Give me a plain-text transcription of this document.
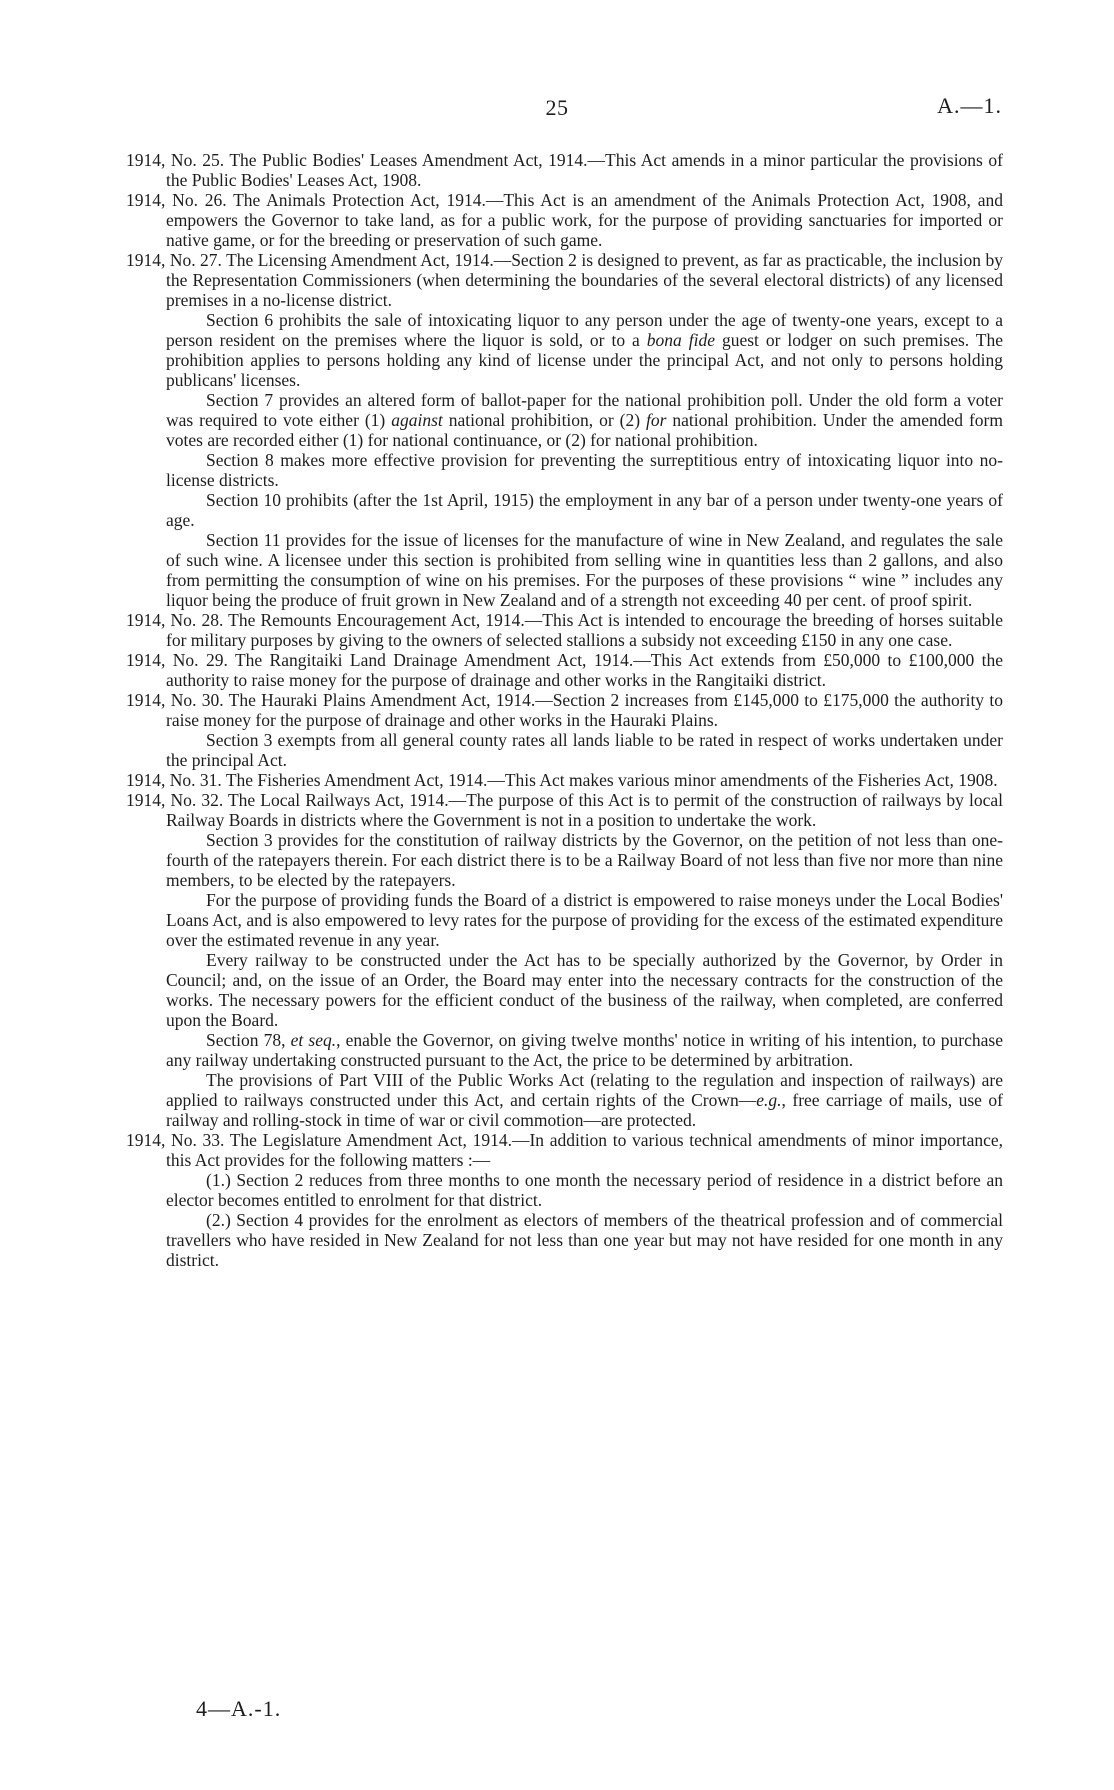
25	A.—1.

1914, No. 25. The Public Bodies' Leases Amendment Act, 1914.—This Act amends in a minor particular the provisions of the Public Bodies' Leases Act, 1908.

1914, No. 26. The Animals Protection Act, 1914.—This Act is an amendment of the Animals Protection Act, 1908, and empowers the Governor to take land, as for a public work, for the purpose of providing sanctuaries for imported or native game, or for the breeding or preservation of such game.

1914, No. 27. The Licensing Amendment Act, 1914.—Section 2 is designed to prevent, as far as practicable, the inclusion by the Representation Commissioners (when determining the boundaries of the several electoral districts) of any licensed premises in a no-license district.

Section 6 prohibits the sale of intoxicating liquor to any person under the age of twenty-one years, except to a person resident on the premises where the liquor is sold, or to a bona fide guest or lodger on such premises. The prohibition applies to persons holding any kind of license under the principal Act, and not only to persons holding publicans' licenses.

Section 7 provides an altered form of ballot-paper for the national prohibition poll. Under the old form a voter was required to vote either (1) against national prohibition, or (2) for national prohibition. Under the amended form votes are recorded either (1) for national continuance, or (2) for national prohibition.

Section 8 makes more effective provision for preventing the surreptitious entry of intoxicating liquor into no-license districts.

Section 10 prohibits (after the 1st April, 1915) the employment in any bar of a person under twenty-one years of age.

Section 11 provides for the issue of licenses for the manufacture of wine in New Zealand, and regulates the sale of such wine. A licensee under this section is prohibited from selling wine in quantities less than 2 gallons, and also from permitting the consumption of wine on his premises. For the purposes of these provisions “ wine ” includes any liquor being the produce of fruit grown in New Zealand and of a strength not exceeding 40 per cent. of proof spirit.

1914, No. 28. The Remounts Encouragement Act, 1914.—This Act is intended to encourage the breeding of horses suitable for military purposes by giving to the owners of selected stallions a subsidy not exceeding £150 in any one case.

1914, No. 29. The Rangitaiki Land Drainage Amendment Act, 1914.—This Act extends from £50,000 to £100,000 the authority to raise money for the purpose of drainage and other works in the Rangitaiki district.

1914, No. 30. The Hauraki Plains Amendment Act, 1914.—Section 2 increases from £145,000 to £175,000 the authority to raise money for the purpose of drainage and other works in the Hauraki Plains.

Section 3 exempts from all general county rates all lands liable to be rated in respect of works undertaken under the principal Act.

1914, No. 31. The Fisheries Amendment Act, 1914.—This Act makes various minor amendments of the Fisheries Act, 1908.

1914, No. 32. The Local Railways Act, 1914.—The purpose of this Act is to permit of the construction of railways by local Railway Boards in districts where the Government is not in a position to undertake the work.

Section 3 provides for the constitution of railway districts by the Governor, on the petition of not less than one-fourth of the ratepayers therein. For each district there is to be a Railway Board of not less than five nor more than nine members, to be elected by the ratepayers.

For the purpose of providing funds the Board of a district is empowered to raise moneys under the Local Bodies' Loans Act, and is also empowered to levy rates for the purpose of providing for the excess of the estimated expenditure over the estimated revenue in any year.

Every railway to be constructed under the Act has to be specially authorized by the Governor, by Order in Council; and, on the issue of an Order, the Board may enter into the necessary contracts for the construction of the works. The necessary powers for the efficient conduct of the business of the railway, when completed, are conferred upon the Board.

Section 78, et seq., enable the Governor, on giving twelve months' notice in writing of his intention, to purchase any railway undertaking constructed pursuant to the Act, the price to be determined by arbitration.

The provisions of Part VIII of the Public Works Act (relating to the regulation and inspection of railways) are applied to railways constructed under this Act, and certain rights of the Crown—e.g., free carriage of mails, use of railway and rolling-stock in time of war or civil commotion—are protected.

1914, No. 33. The Legislature Amendment Act, 1914.—In addition to various technical amendments of minor importance, this Act provides for the following matters :—

(1.) Section 2 reduces from three months to one month the necessary period of residence in a district before an elector becomes entitled to enrolment for that district.

(2.) Section 4 provides for the enrolment as electors of members of the theatrical profession and of commercial travellers who have resided in New Zealand for not less than one year but may not have resided for one month in any district.

4—A.-1.
